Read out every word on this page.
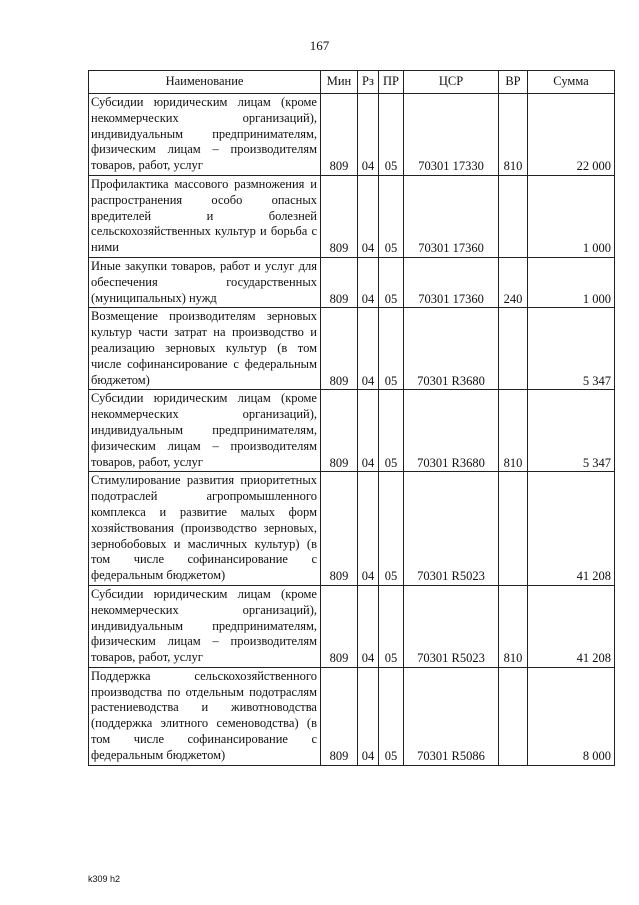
167
Наименование	Мин	Рз	ПР	ЦСР	ВР	Сумма
Субсидии юридическим лицам (кроме некоммерческих организаций), индивидуальным предпринимателям, физическим лицам – производителям товаров, работ, услуг	809	04	05	70301 17330	810	22 000
Профилактика массового размножения и распространения особо опасных вредителей и болезней сельскохозяйственных культур и борьба с ними	809	04	05	70301 17360		1 000
Иные закупки товаров, работ и услуг для обеспечения государственных (муниципальных) нужд	809	04	05	70301 17360	240	1 000
Возмещение производителям зерновых культур части затрат на производство и реализацию зерновых культур (в том числе софинансирование с федеральным бюджетом)	809	04	05	70301 R3680		5 347
Субсидии юридическим лицам (кроме некоммерческих организаций), индивидуальным предпринимателям, физическим лицам – производителям товаров, работ, услуг	809	04	05	70301 R3680	810	5 347
Стимулирование развития приоритетных подотраслей агропромышленного комплекса и развитие малых форм хозяйствования (производство зерновых, зернобобовых и масличных культур) (в том числе софинансирование с федеральным бюджетом)	809	04	05	70301 R5023		41 208
Субсидии юридическим лицам (кроме некоммерческих организаций), индивидуальным предпринимателям, физическим лицам – производителям товаров, работ, услуг	809	04	05	70301 R5023	810	41 208
Поддержка сельскохозяйственного производства по отдельным подотраслям растениеводства и животноводства (поддержка элитного семеноводства) (в том числе софинансирование с федеральным бюджетом)	809	04	05	70301 R5086		8 000
k309 h2
